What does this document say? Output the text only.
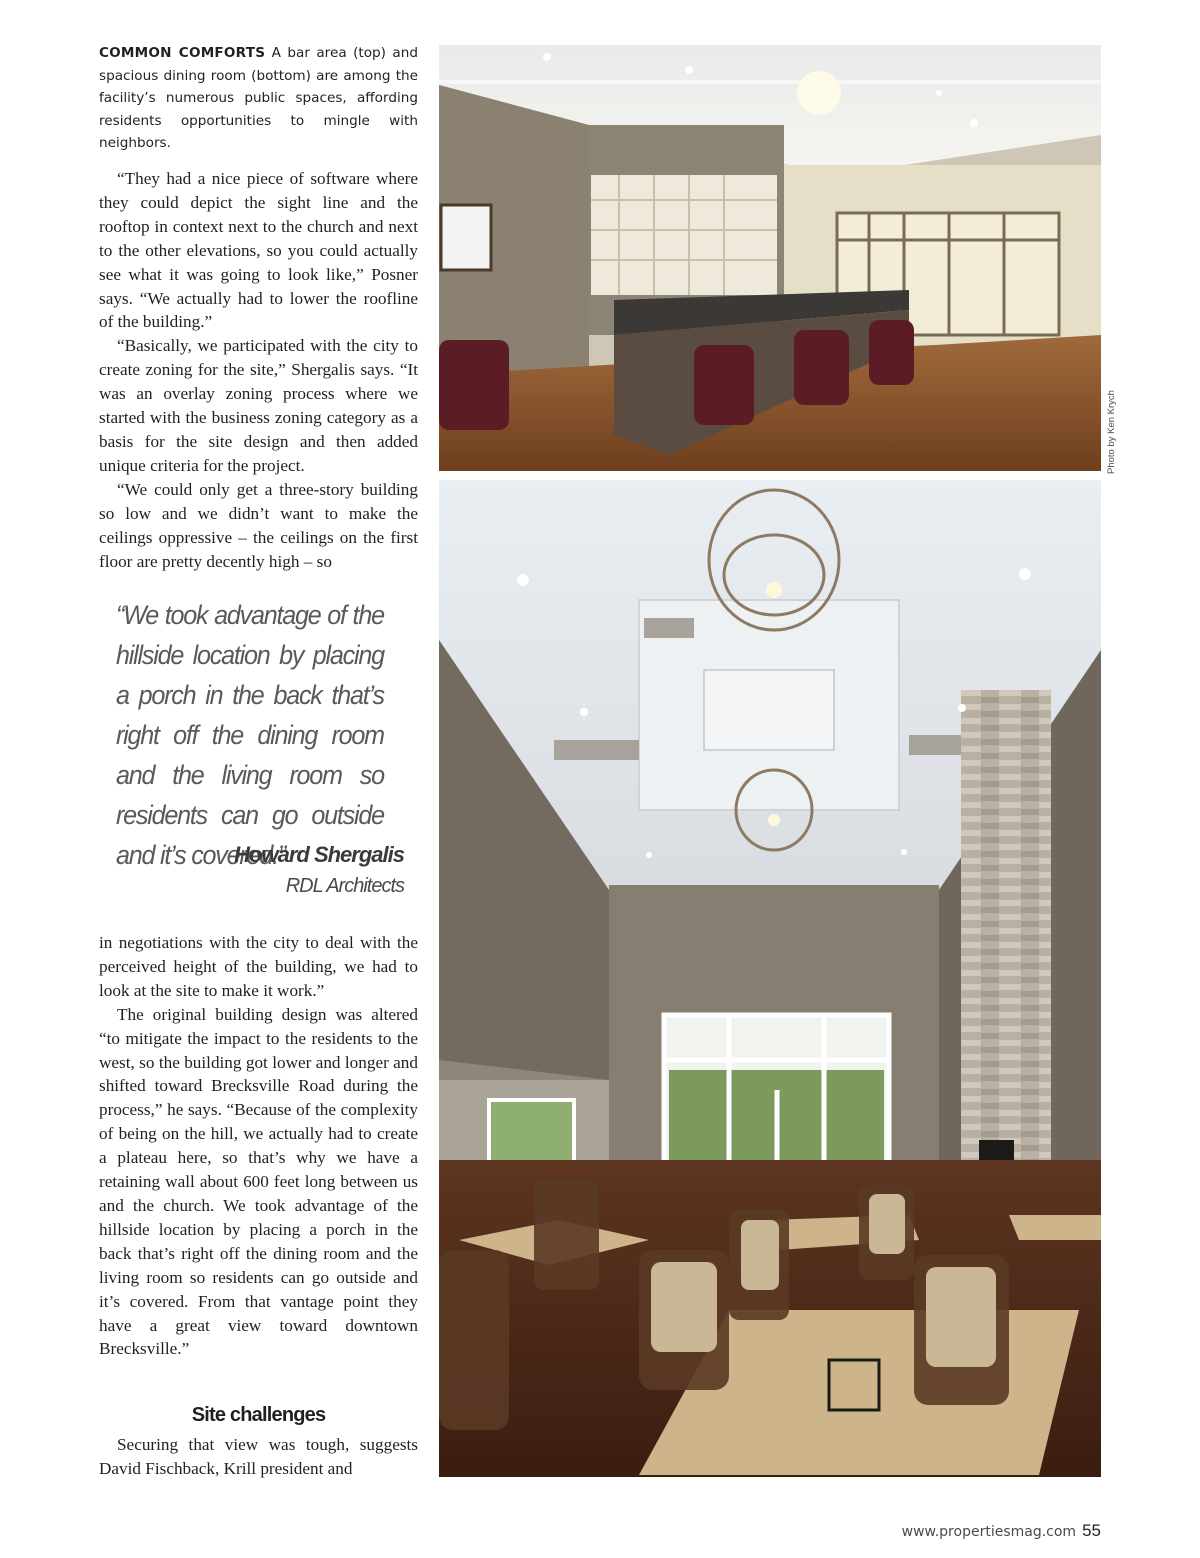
COMMON COMFORTS A bar area (top) and spacious dining room (bottom) are among the facility’s numerous public spaces, affording residents opportunities to mingle with neighbors.

“They had a nice piece of software where they could depict the sight line and the rooftop in context next to the church and next to the other elevations, so you could actually see what it was going to look like,” Posner says. “We actually had to lower the roofline of the building.”

“Basically, we participated with the city to create zoning for the site,” Shergalis says. “It was an overlay zoning process where we started with the business zoning category as a basis for the site design and then added unique criteria for the project.

“We could only get a three-story building so low and we didn’t want to make the ceilings oppressive – the ceilings on the first floor are pretty decently high – so

“We took advantage of the hillside location by placing a porch in the back that’s right off the dining room and the living room so residents can go outside and it’s covered.”
Howard Shergalis
RDL Architects

in negotiations with the city to deal with the perceived height of the building, we had to look at the site to make it work.”

The original building design was altered “to mitigate the impact to the residents to the west, so the building got lower and longer and shifted toward Brecksville Road during the process,” he says. “Because of the complexity of being on the hill, we actually had to create a plateau here, so that’s why we have a retaining wall about 600 feet long between us and the church. We took advantage of the hillside location by placing a porch in the back that’s right off the dining room and the living room so residents can go outside and it’s covered. From that vantage point they have a great view toward downtown Brecksville.”

Site challenges

Securing that view was tough, suggests David Fischback, Krill president and

Photo by Ken Krych
www.propertiesmag.com 55
